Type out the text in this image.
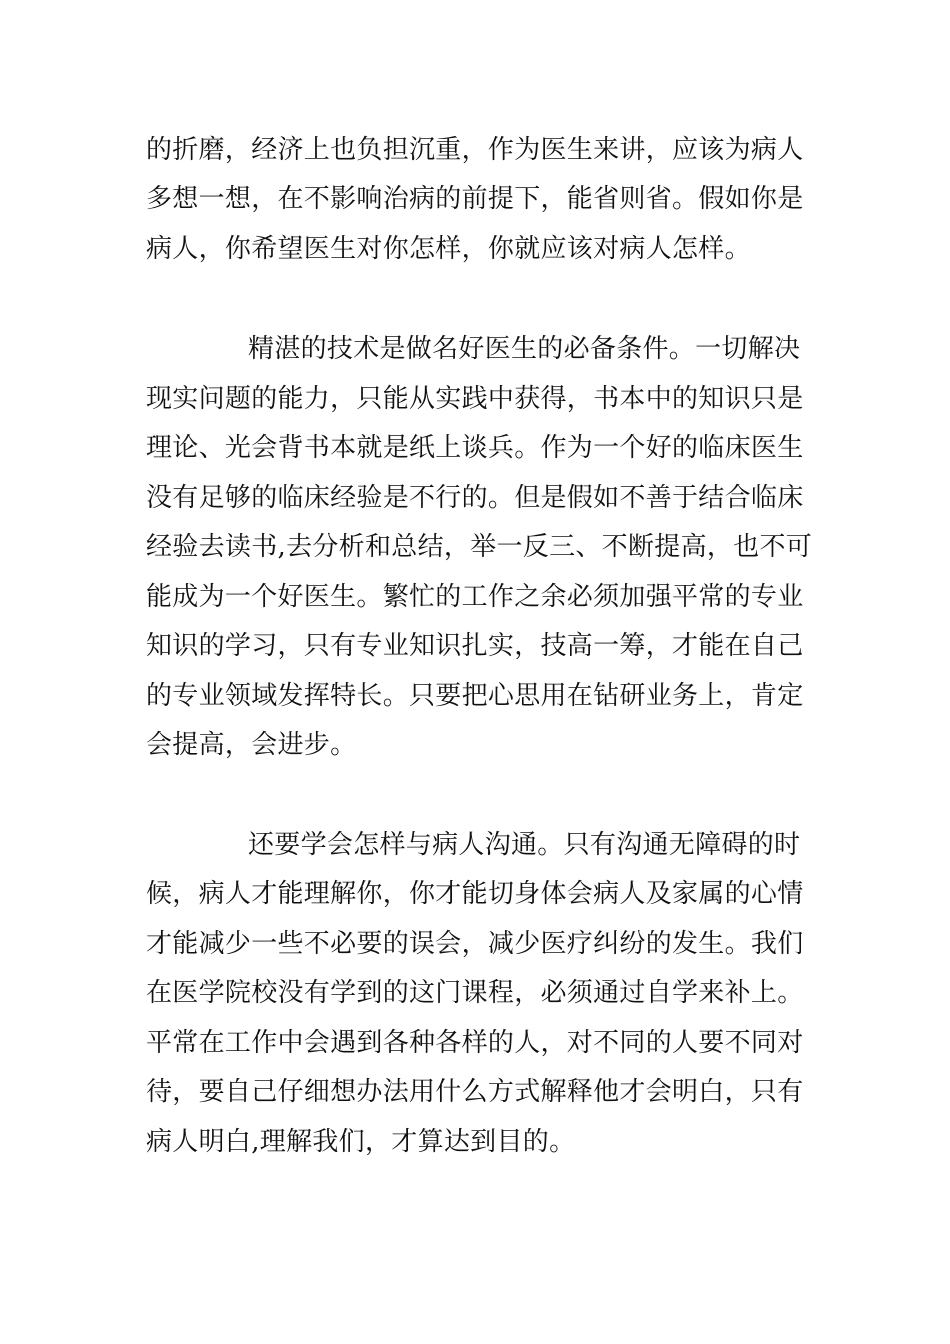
的折磨，经济上也负担沉重，作为医生来讲，应该为病人
多想一想，在不影响治病的前提下，能省则省。假如你是
病人，你希望医生对你怎样，你就应该对病人怎样。
精湛的技术是做名好医生的必备条件。一切解决
现实问题的能力，只能从实践中获得，书本中的知识只是
理论、光会背书本就是纸上谈兵。作为一个好的临床医生
没有足够的临床经验是不行的。但是假如不善于结合临床
经验去读书,去分析和总结，举一反三、不断提高，也不可
能成为一个好医生。繁忙的工作之余必须加强平常的专业
知识的学习，只有专业知识扎实，技高一筹，才能在自己
的专业领域发挥特长。只要把心思用在钻研业务上，肯定
会提高，会进步。
还要学会怎样与病人沟通。只有沟通无障碍的时
候，病人才能理解你，你才能切身体会病人及家属的心情
才能减少一些不必要的误会，减少医疗纠纷的发生。我们
在医学院校没有学到的这门课程，必须通过自学来补上。
平常在工作中会遇到各种各样的人，对不同的人要不同对
待，要自己仔细想办法用什么方式解释他才会明白，只有
病人明白,理解我们，才算达到目的。
